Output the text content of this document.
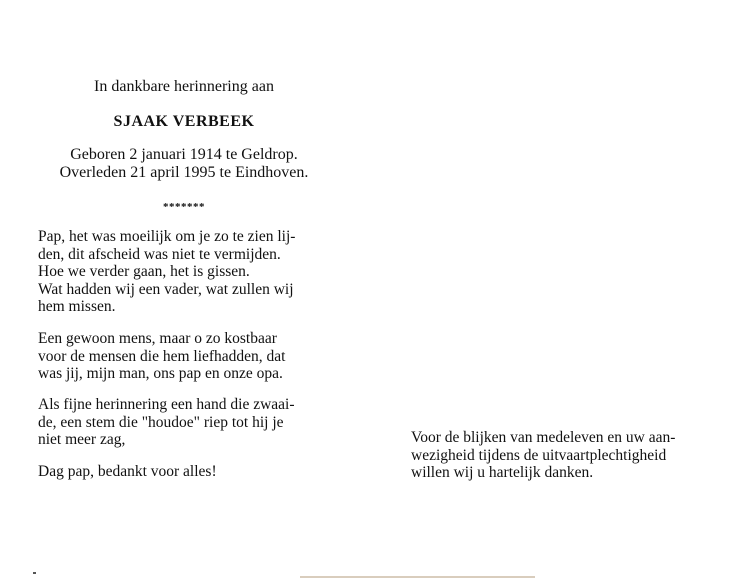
In dankbare herinnering aan
SJAAK VERBEEK
Geboren 2 januari 1914 te Geldrop.
Overleden 21 april 1995 te Eindhoven.
*******

Pap, het was moeilijk om je zo te zien lij-
den, dit afscheid was niet te vermijden.
Hoe we verder gaan, het is gissen.
Wat hadden wij een vader, wat zullen wij
hem missen.

Een gewoon mens, maar o zo kostbaar
voor de mensen die hem liefhadden, dat
was jij, mijn man, ons pap en onze opa.

Als fijne herinnering een hand die zwaai-
de, een stem die "houdoe" riep tot hij je
niet meer zag,

Dag pap, bedankt voor alles!

Voor de blijken van medeleven en uw aan-
wezigheid tijdens de uitvaartplechtigheid
willen wij u hartelijk danken.
